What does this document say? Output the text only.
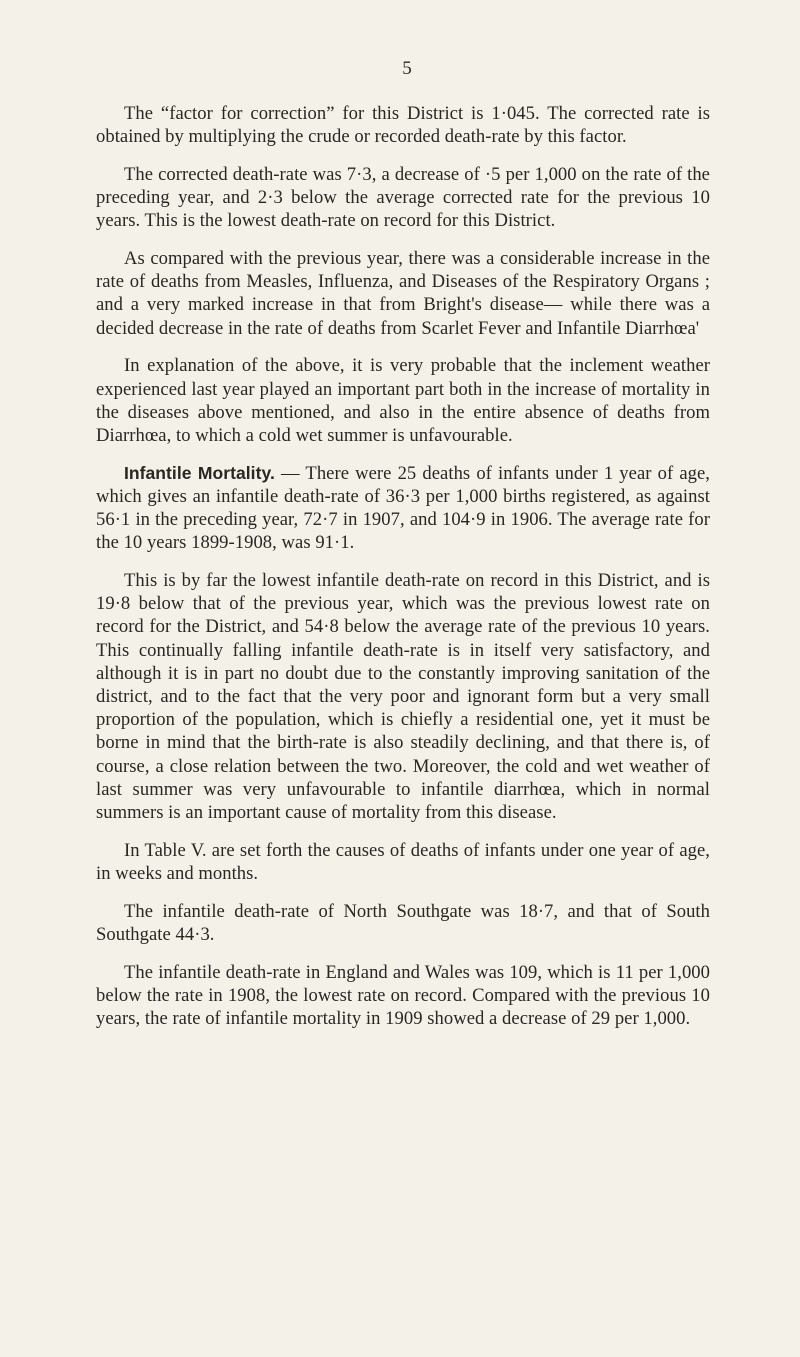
5

The “factor for correction” for this District is 1·045. The corrected rate is obtained by multiplying the crude or recorded death-rate by this factor.

The corrected death-rate was 7·3, a decrease of ·5 per 1,000 on the rate of the preceding year, and 2·3 below the average corrected rate for the previous 10 years. This is the lowest death-rate on record for this District.

As compared with the previous year, there was a considerable increase in the rate of deaths from Measles, Influenza, and Diseases of the Respiratory Organs ; and a very marked increase in that from Bright's disease— while there was a decided decrease in the rate of deaths from Scarlet Fever and Infantile Diarrhœa'

In explanation of the above, it is very probable that the inclement weather experienced last year played an important part both in the increase of mortality in the diseases above mentioned, and also in the entire absence of deaths from Diarrhœa, to which a cold wet summer is unfavourable.

Infantile Mortality. — There were 25 deaths of infants under 1 year of age, which gives an infantile death-rate of 36·3 per 1,000 births registered, as against 56·1 in the preceding year, 72·7 in 1907, and 104·9 in 1906. The average rate for the 10 years 1899-1908, was 91·1.

This is by far the lowest infantile death-rate on record in this District, and is 19·8 below that of the previous year, which was the previous lowest rate on record for the District, and 54·8 below the average rate of the previous 10 years. This continually falling infantile death-rate is in itself very satisfactory, and although it is in part no doubt due to the constantly improving sanitation of the district, and to the fact that the very poor and ignorant form but a very small proportion of the population, which is chiefly a residential one, yet it must be borne in mind that the birth-rate is also steadily declining, and that there is, of course, a close relation between the two. Moreover, the cold and wet weather of last summer was very unfavourable to infantile diarrhœa, which in normal summers is an important cause of mortality from this disease.

In Table V. are set forth the causes of deaths of infants under one year of age, in weeks and months.

The infantile death-rate of North Southgate was 18·7, and that of South Southgate 44·3.

The infantile death-rate in England and Wales was 109, which is 11 per 1,000 below the rate in 1908, the lowest rate on record. Compared with the previous 10 years, the rate of infantile mortality in 1909 showed a decrease of 29 per 1,000.
